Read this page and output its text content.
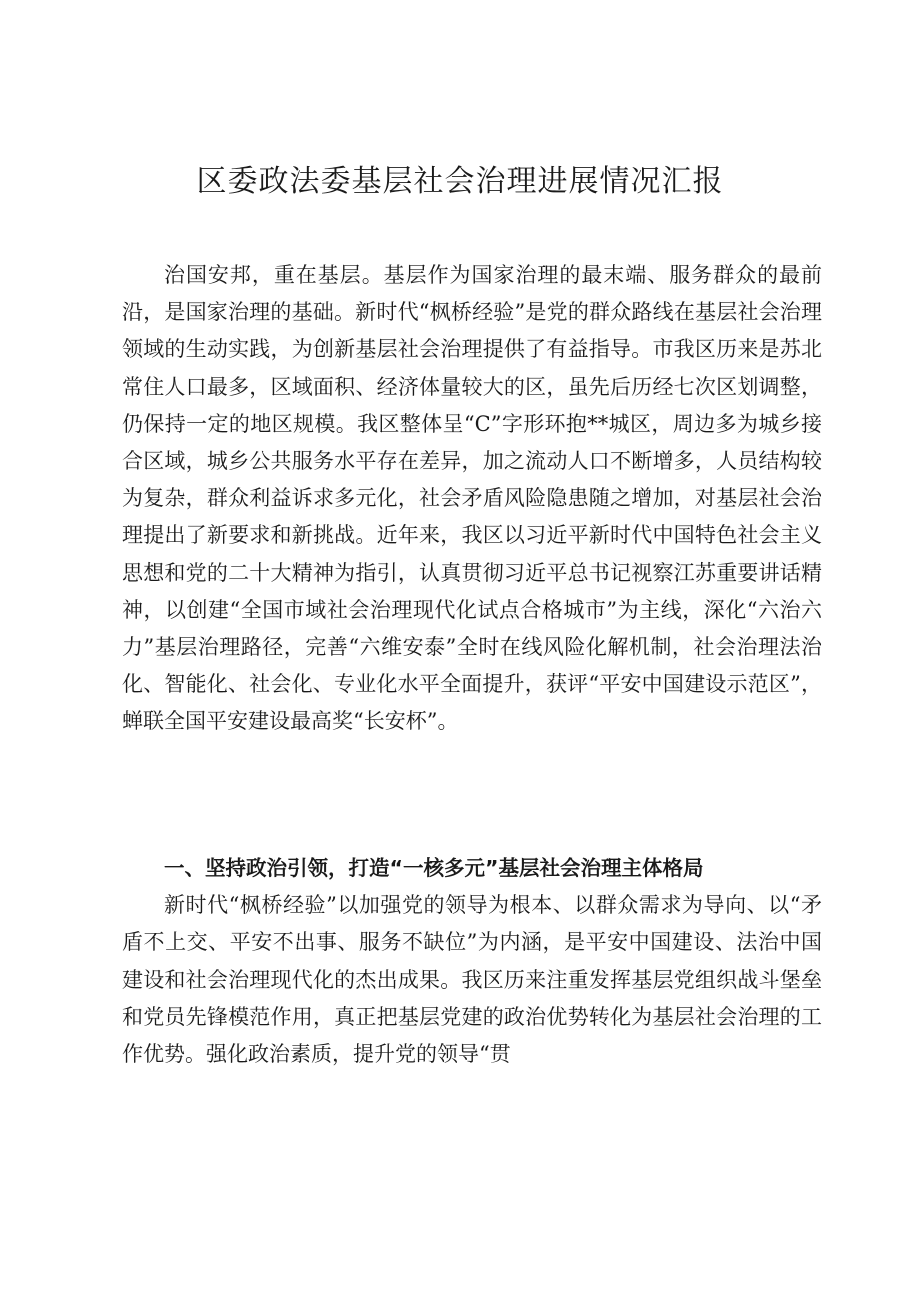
区委政法委基层社会治理进展情况汇报

治国安邦，重在基层。基层作为国家治理的最末端、服务群众的最前沿，是国家治理的基础。新时代“枫桥经验”是党的群众路线在基层社会治理领域的生动实践，为创新基层社会治理提供了有益指导。市我区历来是苏北常住人口最多，区域面积、经济体量较大的区，虽先后历经七次区划调整，仍保持一定的地区规模。我区整体呈“C”字形环抱**城区，周边多为城乡接合区域，城乡公共服务水平存在差异，加之流动人口不断增多，人员结构较为复杂，群众利益诉求多元化，社会矛盾风险隐患随之增加，对基层社会治理提出了新要求和新挑战。近年来，我区以习近平新时代中国特色社会主义思想和党的二十大精神为指引，认真贯彻习近平总书记视察江苏重要讲话精神，以创建“全国市域社会治理现代化试点合格城市”为主线，深化“六治六力”基层治理路径，完善“六维安泰”全时在线风险化解机制，社会治理法治化、智能化、社会化、专业化水平全面提升，获评“平安中国建设示范区”，蝉联全国平安建设最高奖“长安杯”。

一、坚持政治引领，打造“一核多元”基层社会治理主体格局

新时代“枫桥经验”以加强党的领导为根本、以群众需求为导向、以“矛盾不上交、平安不出事、服务不缺位”为内涵，是平安中国建设、法治中国建设和社会治理现代化的杰出成果。我区历来注重发挥基层党组织战斗堡垒和党员先锋模范作用，真正把基层党建的政治优势转化为基层社会治理的工作优势。强化政治素质，提升党的领导“贯
